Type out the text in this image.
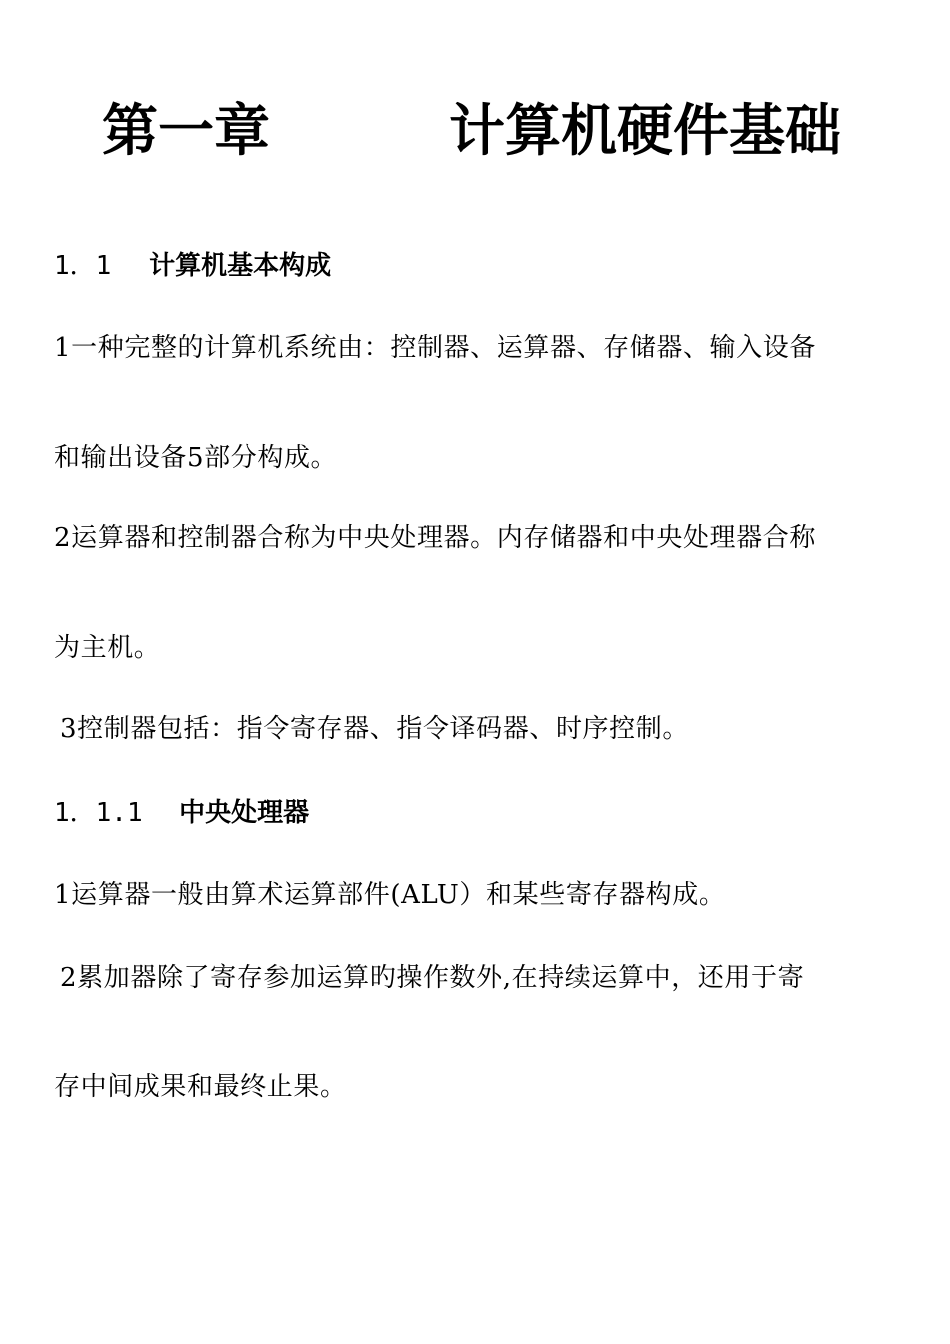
第一章	计算机硬件基础
1．1 计算机基本构成
1一种完整的计算机系统由：控制器、运算器、存储器、输入设备
和输出设备5部分构成。
2运算器和控制器合称为中央处理器。内存储器和中央处理器合称
为主机。
3控制器包括：指令寄存器、指令译码器、时序控制。
1．1.1 中央处理器
1运算器一般由算术运算部件(ALU）和某些寄存器构成。
2累加器除了寄存参加运算旳操作数外,在持续运算中，还用于寄
存中间成果和最终止果。
